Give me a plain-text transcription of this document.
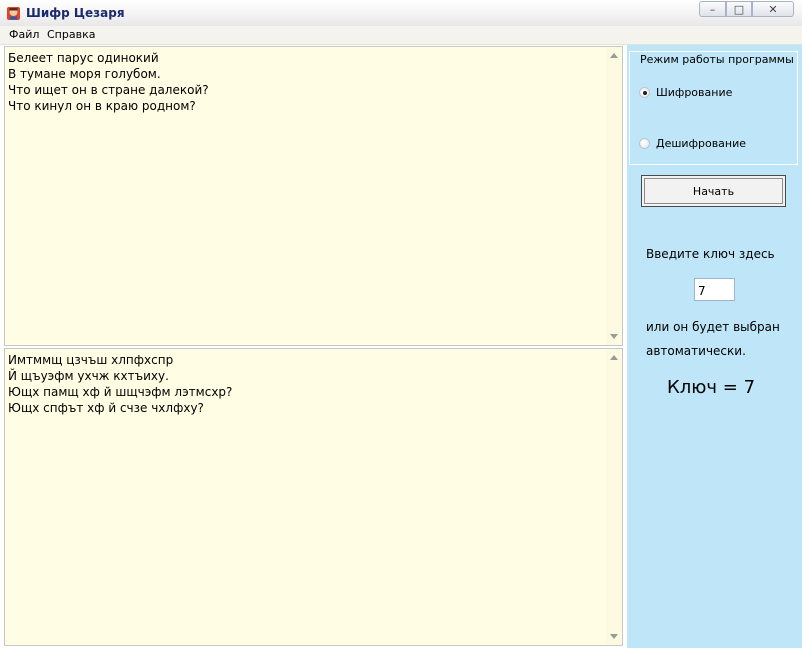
Шифр Цезаря	–	□	✕
Файл Справка
Белеет парус одинокий
В тумане моря голубом.
Что ищет он в стране далекой?
Что кинул он в краю родном?
Имтммщ цзчъш хлпфхспр
Й щъуэфм ухчж кхтъиху.
Ющх памщ хф й шщчэфм лэтмсхр?
Ющх спфът хф й счзе чхлфху?
Режим работы программы
Шифрование
Дешифрование
Начать
Введите ключ здесь
7
или он будет выбран
автоматически.
Ключ = 7
